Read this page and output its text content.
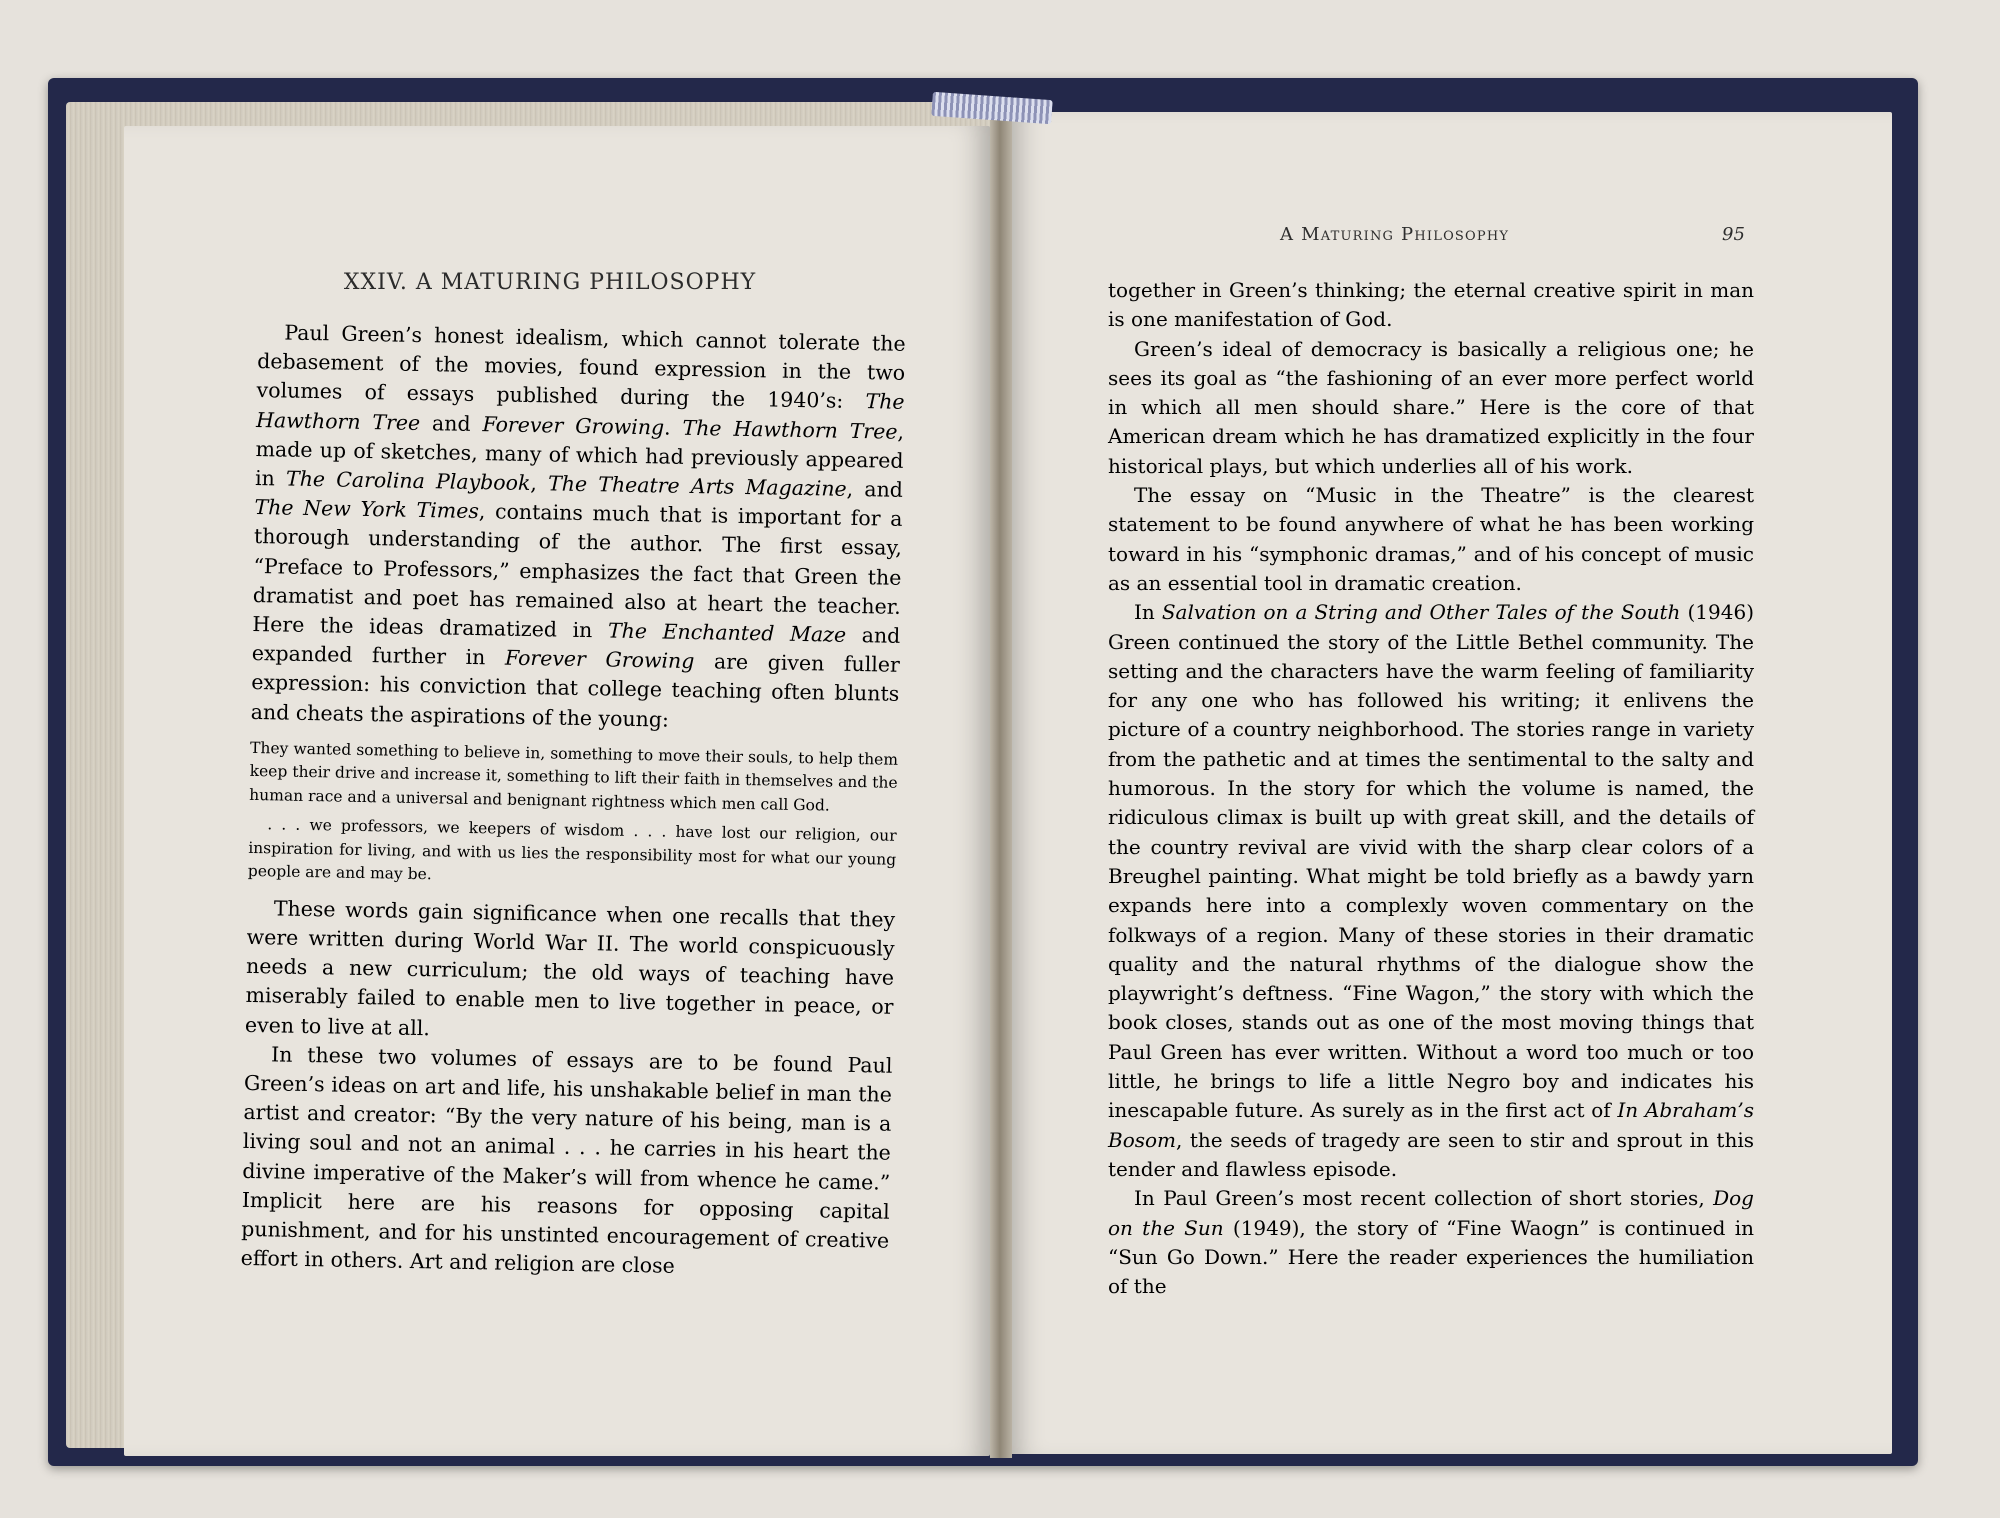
XXIV. A MATURING PHILOSOPHY

Paul Green’s honest idealism, which cannot tolerate the debasement of the movies, found expression in the two volumes of essays published during the 1940’s: The Hawthorn Tree and Forever Growing. The Hawthorn Tree, made up of sketches, many of which had previously appeared in The Carolina Playbook, The Theatre Arts Magazine, and The New York Times, contains much that is important for a thorough understanding of the author. The first essay, “Preface to Professors,” emphasizes the fact that Green the dramatist and poet has remained also at heart the teacher. Here the ideas dramatized in The Enchanted Maze and expanded further in Forever Growing are given fuller expression: his conviction that college teaching often blunts and cheats the aspirations of the young:

They wanted something to believe in, something to move their souls, to help them keep their drive and increase it, something to lift their faith in themselves and the human race and a universal and benignant rightness which men call God.

. . . we professors, we keepers of wisdom . . . have lost our religion, our inspiration for living, and with us lies the responsibility most for what our young people are and may be.

These words gain significance when one recalls that they were written during World War II. The world conspicuously needs a new curriculum; the old ways of teaching have miserably failed to enable men to live together in peace, or even to live at all.

In these two volumes of essays are to be found Paul Green’s ideas on art and life, his unshakable belief in man the artist and creator: “By the very nature of his being, man is a living soul and not an animal . . . he carries in his heart the divine imperative of the Maker’s will from whence he came.” Implicit here are his reasons for opposing capital punishment, and for his unstinted encouragement of creative effort in others. Art and religion are close

A Maturing Philosophy	95

together in Green’s thinking; the eternal creative spirit in man is one manifestation of God.

Green’s ideal of democracy is basically a religious one; he sees its goal as “the fashioning of an ever more perfect world in which all men should share.” Here is the core of that American dream which he has dramatized explicitly in the four historical plays, but which underlies all of his work.

The essay on “Music in the Theatre” is the clearest statement to be found anywhere of what he has been working toward in his “symphonic dramas,” and of his concept of music as an essential tool in dramatic creation.

In Salvation on a String and Other Tales of the South (1946) Green continued the story of the Little Bethel community. The setting and the characters have the warm feeling of familiarity for any one who has followed his writing; it enlivens the picture of a country neighborhood. The stories range in variety from the pathetic and at times the sentimental to the salty and humorous. In the story for which the volume is named, the ridiculous climax is built up with great skill, and the details of the country revival are vivid with the sharp clear colors of a Breughel painting. What might be told briefly as a bawdy yarn expands here into a complexly woven commentary on the folkways of a region. Many of these stories in their dramatic quality and the natural rhythms of the dialogue show the playwright’s deftness. “Fine Wagon,” the story with which the book closes, stands out as one of the most moving things that Paul Green has ever written. Without a word too much or too little, he brings to life a little Negro boy and indicates his inescapable future. As surely as in the first act of In Abraham’s Bosom, the seeds of tragedy are seen to stir and sprout in this tender and flawless episode.

In Paul Green’s most recent collection of short stories, Dog on the Sun (1949), the story of “Fine Waogn” is continued in “Sun Go Down.” Here the reader experiences the humiliation of the
